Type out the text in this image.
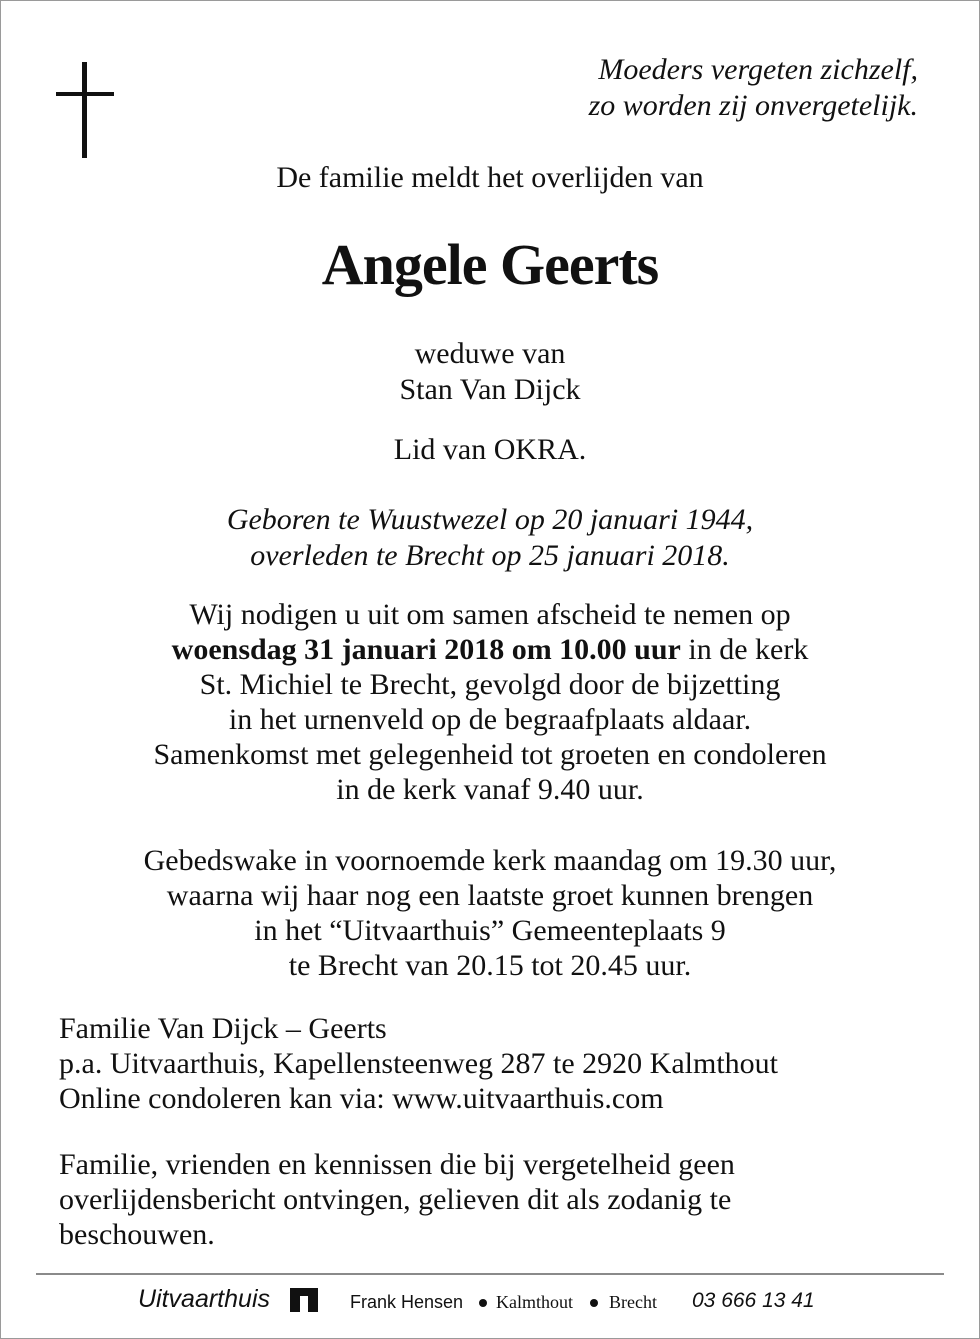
Moeders vergeten zichzelf,
zo worden zij onvergetelijk.
De familie meldt het overlijden van
Angele Geerts
weduwe van
Stan Van Dijck
Lid van OKRA.
Geboren te Wuustwezel op 20 januari 1944,
overleden te Brecht op 25 januari 2018.
Wij nodigen u uit om samen afscheid te nemen op
woensdag 31 januari 2018 om 10.00 uur in de kerk
St. Michiel te Brecht, gevolgd door de bijzetting
in het urnenveld op de begraafplaats aldaar.
Samenkomst met gelegenheid tot groeten en condoleren
in de kerk vanaf 9.40 uur.
Gebedswake in voornoemde kerk maandag om 19.30 uur,
waarna wij haar nog een laatste groet kunnen brengen
in het “Uitvaarthuis” Gemeenteplaats 9
te Brecht van 20.15 tot 20.45 uur.
Familie Van Dijck – Geerts
p.a. Uitvaarthuis, Kapellensteenweg 287 te 2920 Kalmthout
Online condoleren kan via: www.uitvaarthuis.com
Familie, vrienden en kennissen die bij vergetelheid geen
overlijdensbericht ontvingen, gelieven dit als zodanig te
beschouwen.
Uitvaarthuis	Frank Hensen Kalmthout Brecht 03 666 13 41
